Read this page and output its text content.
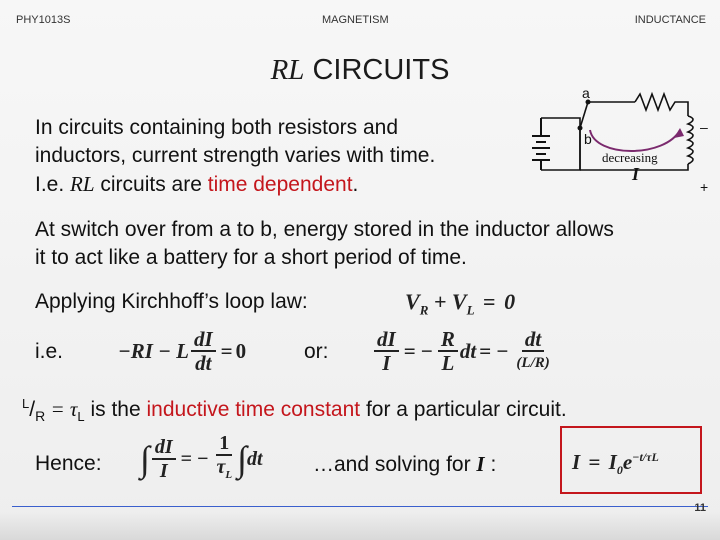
PHY1013S	MAGNETISM	INDUCTANCE
RL CIRCUITS
In circuits containing both resistors and
inductors, current strength varies with time.
I.e. RL circuits are time dependent.
a
b
–
+
decreasing
I
At switch over from a to b, energy stored in the inductor allows
it to act like a battery for a short period of time.
Applying Kirchhoff’s loop law:	$V_R + V_L = 0$
i.e.	−RI − L $\frac{dI}{dt} = 0$	or: $\frac{dI}{I}$ = − $\frac{R}{L}$ dt = − $\frac{dt}{(L/R)}$
$^L/_R = \tau_L$ is the inductive time constant for a particular circuit.
Hence: ∫ $\frac{dI}{I}$ = − $\frac{1}{\tau_L}$ ∫ dt …and solving for I :	$I = I_0e^{-t/\tau L}$
11
